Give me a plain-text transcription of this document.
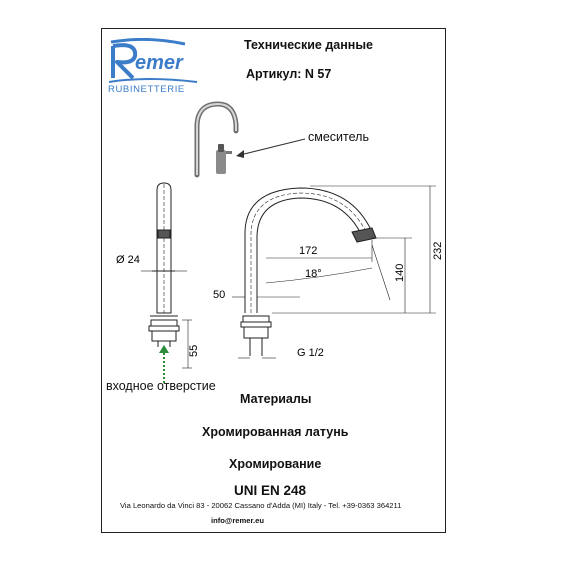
emer
RUBINETTERIE
Технические данные
Артикул: N 57
смеситель
Ø 24
172
18°
50
G 1/2
55
140
232
входное отверстие
Материалы
Хромированная латунь
Хромирование
UNI EN 248
Via Leonardo da Vinci 83 - 20062 Cassano d'Adda (MI) Italy - Tel. +39-0363 364211
info@remer.eu
